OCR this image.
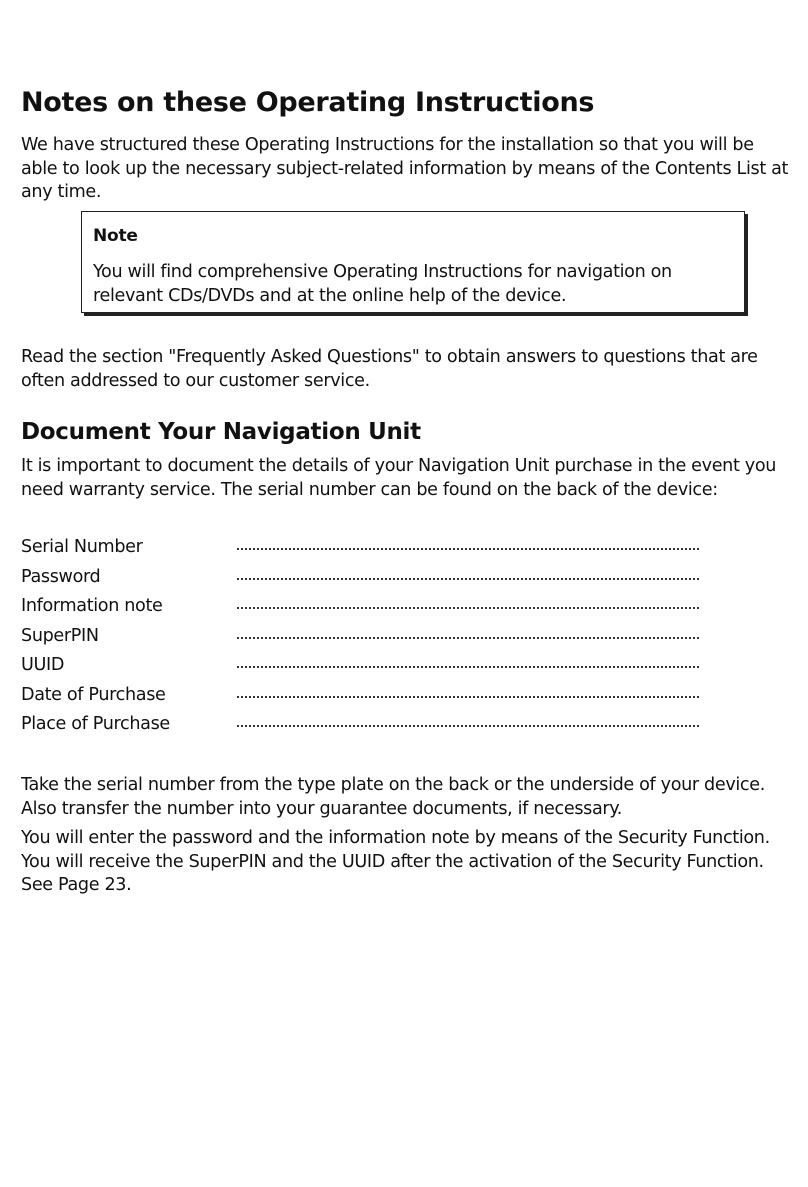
Notes on these Operating Instructions

We have structured these Operating Instructions for the installation so that you will be
able to look up the necessary subject-related information by means of the Contents List at
any time.

Note

You will find comprehensive Operating Instructions for navigation on
relevant CDs/DVDs and at the online help of the device.

Read the section "Frequently Asked Questions" to obtain answers to questions that are
often addressed to our customer service.

Document Your Navigation Unit

It is important to document the details of your Navigation Unit purchase in the event you
need warranty service. The serial number can be found on the back of the device:

Serial Number
Password
Information note
SuperPIN
UUID
Date of Purchase
Place of Purchase

Take the serial number from the type plate on the back or the underside of your device.
Also transfer the number into your guarantee documents, if necessary.

You will enter the password and the information note by means of the Security Function.
You will receive the SuperPIN and the UUID after the activation of the Security Function.
See Page 23.
